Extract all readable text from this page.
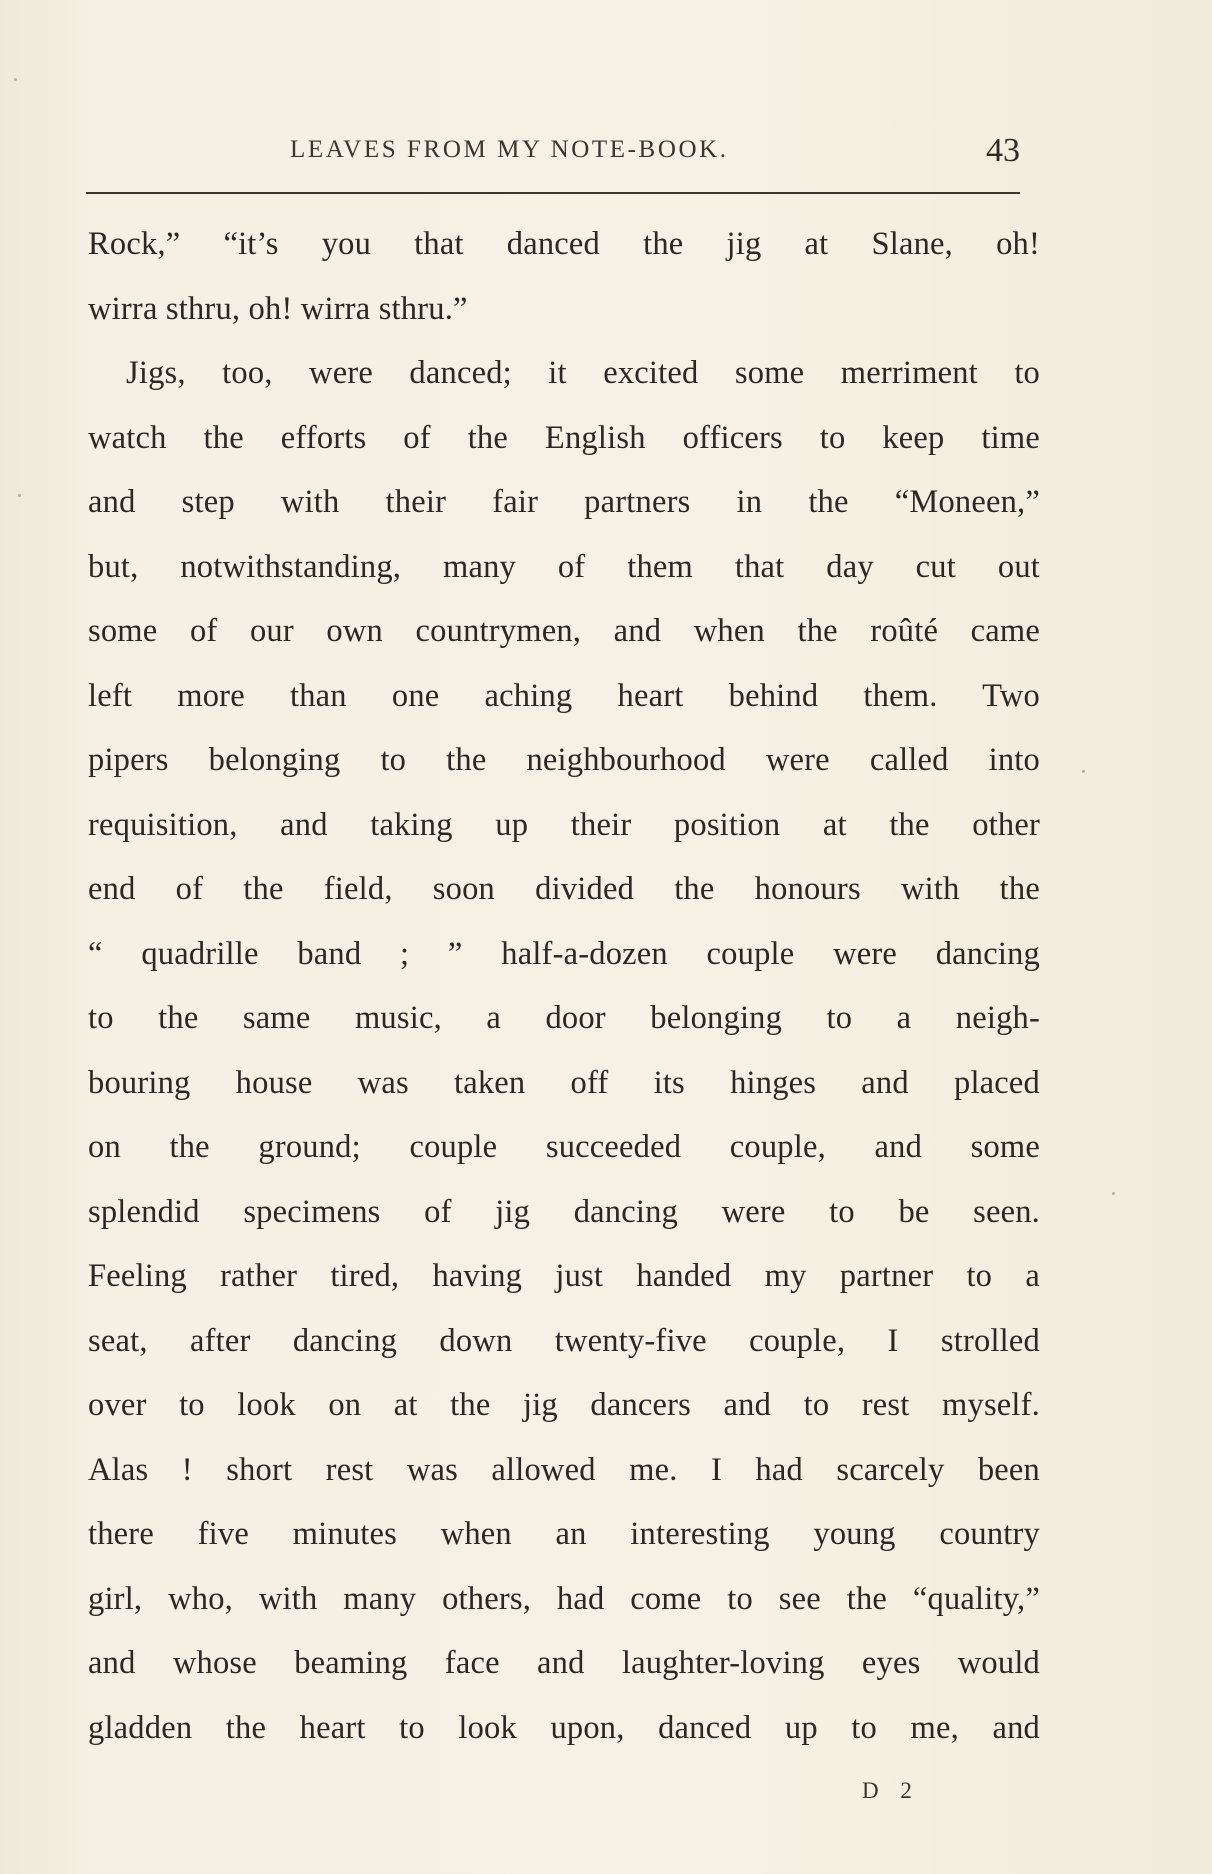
LEAVES FROM MY NOTE-BOOK.	43
Rock,” “it’s you that danced the jig at Slane, oh!
wirra sthru, oh! wirra sthru.”
Jigs, too, were danced; it excited some merriment to
watch the efforts of the English officers to keep time
and step with their fair partners in the “Moneen,”
but, notwithstanding, many of them that day cut out
some of our own countrymen, and when the roûté came
left more than one aching heart behind them. Two
pipers belonging to the neighbourhood were called into
requisition, and taking up their position at the other
end of the field, soon divided the honours with the
“ quadrille band ; ” half-a-dozen couple were dancing
to the same music, a door belonging to a neigh-
bouring house was taken off its hinges and placed
on the ground; couple succeeded couple, and some
splendid specimens of jig dancing were to be seen.
Feeling rather tired, having just handed my partner to a
seat, after dancing down twenty-five couple, I strolled
over to look on at the jig dancers and to rest myself.
Alas ! short rest was allowed me. I had scarcely been
there five minutes when an interesting young country
girl, who, with many others, had come to see the “quality,”
and whose beaming face and laughter-loving eyes would
gladden the heart to look upon, danced up to me, and
D 2
